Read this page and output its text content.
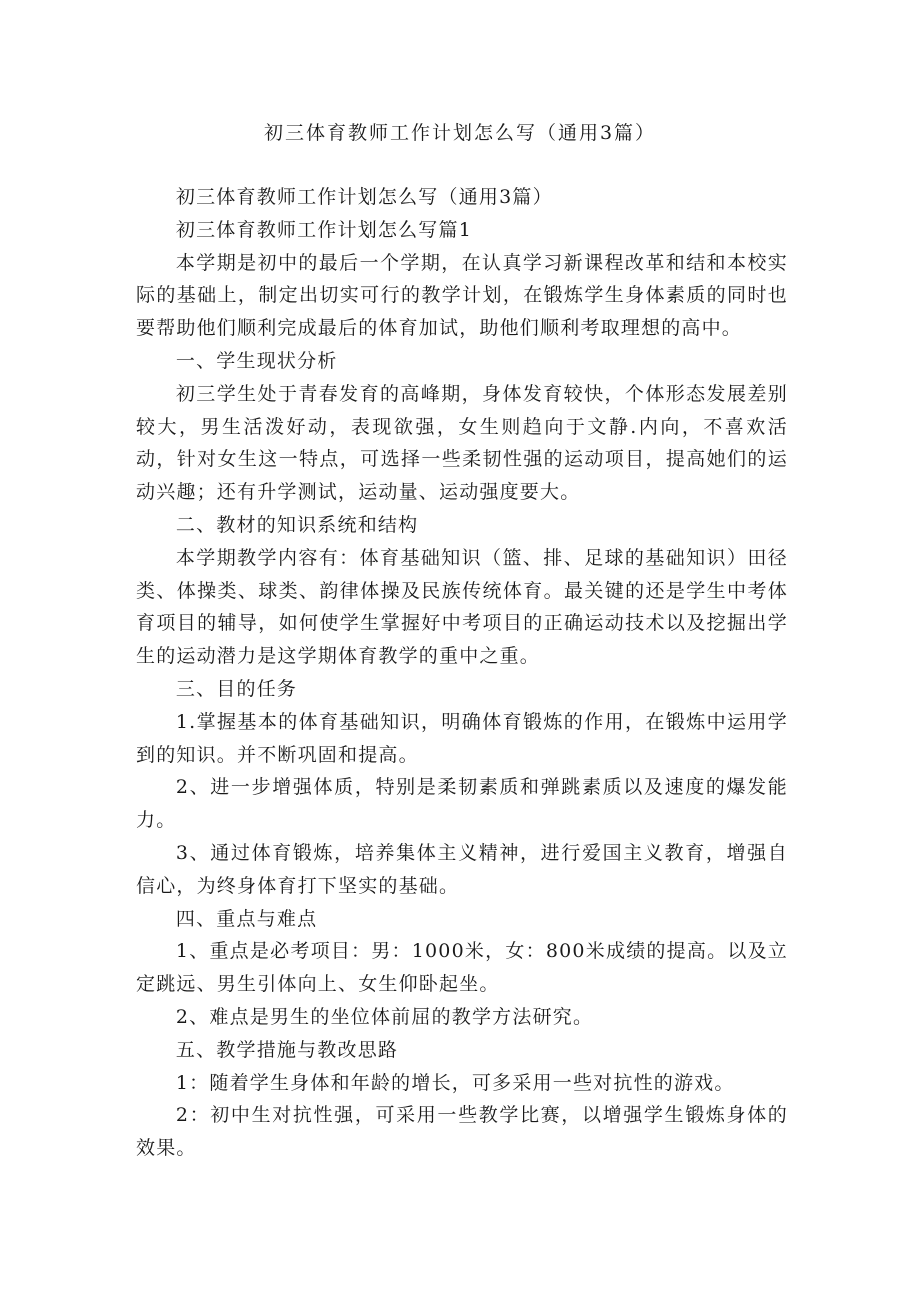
初三体育教师工作计划怎么写（通用3篇）

初三体育教师工作计划怎么写（通用3篇）

初三体育教师工作计划怎么写篇1

本学期是初中的最后一个学期，在认真学习新课程改革和结和本校实际的基础上，制定出切实可行的教学计划，在锻炼学生身体素质的同时也要帮助他们顺利完成最后的体育加试，助他们顺利考取理想的高中。

一、学生现状分析

初三学生处于青春发育的高峰期，身体发育较快，个体形态发展差别较大，男生活泼好动，表现欲强，女生则趋向于文静.内向，不喜欢活动，针对女生这一特点，可选择一些柔韧性强的运动项目，提高她们的运动兴趣；还有升学测试，运动量、运动强度要大。

二、教材的知识系统和结构

本学期教学内容有：体育基础知识（篮、排、足球的基础知识）田径类、体操类、球类、韵律体操及民族传统体育。最关键的还是学生中考体育项目的辅导，如何使学生掌握好中考项目的正确运动技术以及挖掘出学生的运动潜力是这学期体育教学的重中之重。

三、目的任务

1.掌握基本的体育基础知识，明确体育锻炼的作用，在锻炼中运用学到的知识。并不断巩固和提高。

2、进一步增强体质，特别是柔韧素质和弹跳素质以及速度的爆发能力。

3、通过体育锻炼，培养集体主义精神，进行爱国主义教育，增强自信心，为终身体育打下坚实的基础。

四、重点与难点

1、重点是必考项目：男：1000米，女：800米成绩的提高。以及立定跳远、男生引体向上、女生仰卧起坐。

2、难点是男生的坐位体前屈的教学方法研究。

五、教学措施与教改思路

1：随着学生身体和年龄的增长，可多采用一些对抗性的游戏。

2：初中生对抗性强，可采用一些教学比赛，以增强学生锻炼身体的效果。
